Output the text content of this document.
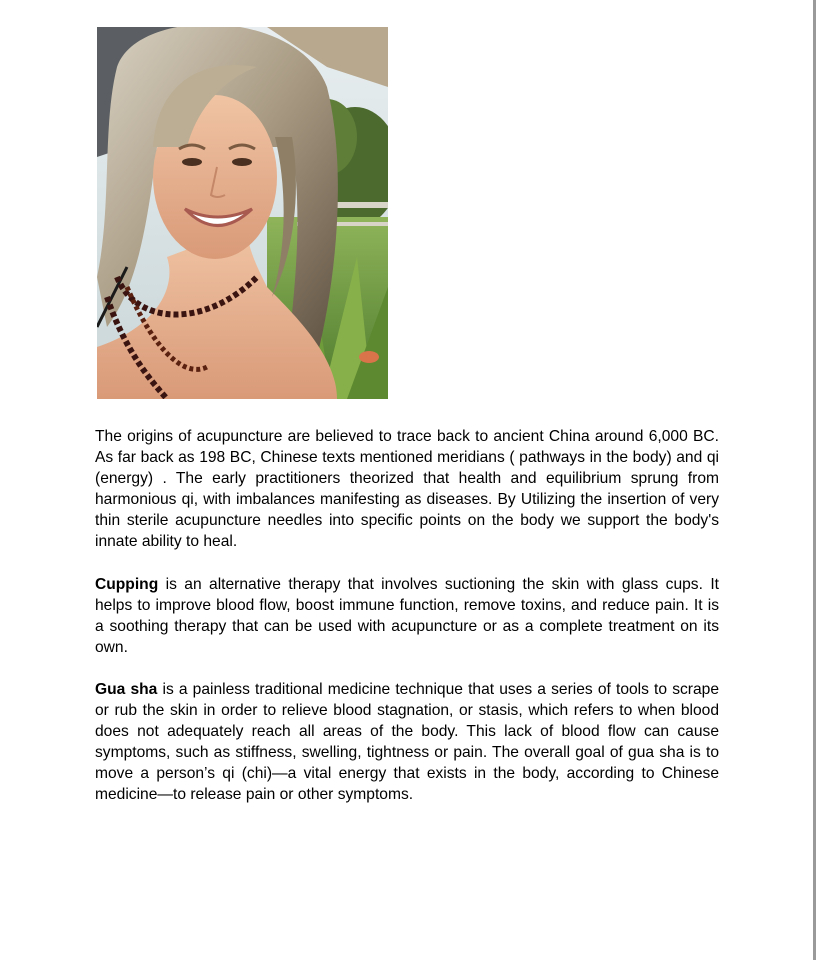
The origins of acupuncture are believed to trace back to ancient China around 6,000 BC. As far back as 198 BC, Chinese texts mentioned meridians ( pathways in the body) and qi (energy) . The early practitioners theorized that health and equilibrium sprung from harmonious qi, with imbalances manifesting as diseases. By Utilizing the insertion of very thin sterile acupuncture needles into specific points on the body we support the body's innate ability to heal.

Cupping is an alternative therapy that involves suctioning the skin with glass cups. It helps to improve blood flow, boost immune function, remove toxins, and reduce pain. It is a soothing therapy that can be used with acupuncture or as a complete treatment on its own.

Gua sha is a painless traditional medicine technique that uses a series of tools to scrape or rub the skin in order to relieve blood stagnation, or stasis, which refers to when blood does not adequately reach all areas of the body. This lack of blood flow can cause symptoms, such as stiffness, swelling, tightness or pain. The overall goal of gua sha is to move a person’s qi (chi)—a vital energy that exists in the body, according to Chinese medicine—to release pain or other symptoms.
